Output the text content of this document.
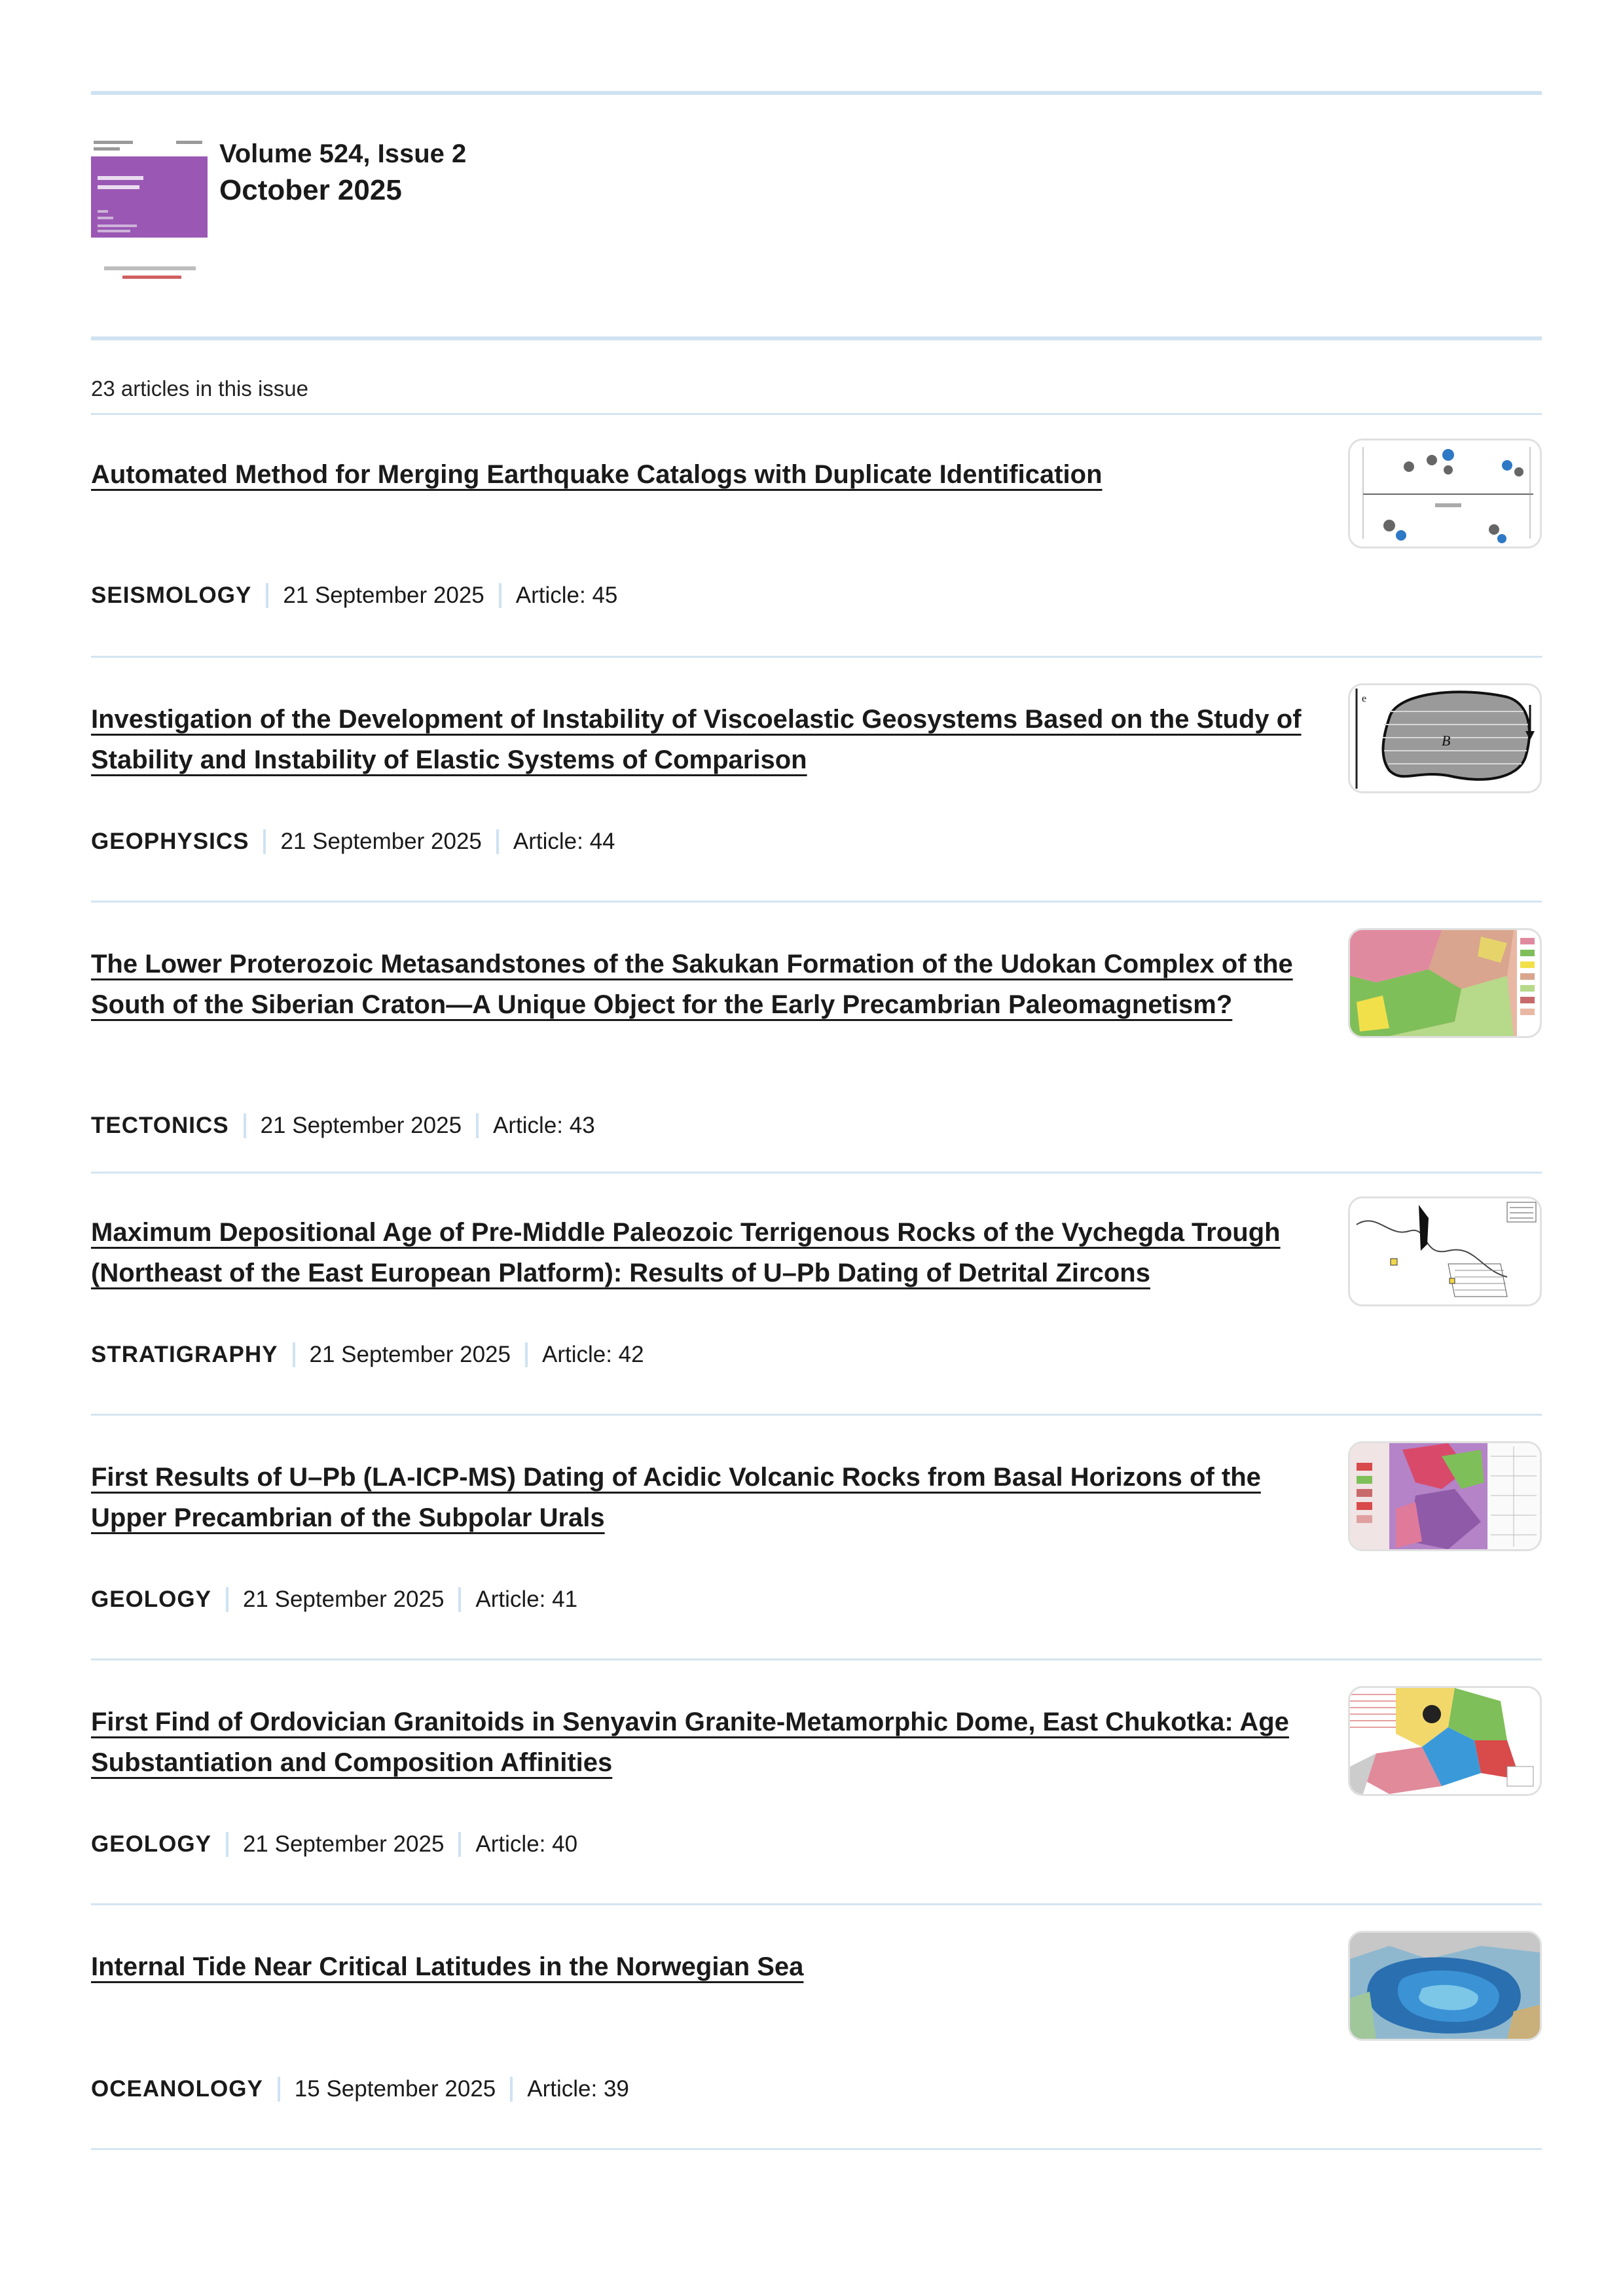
Volume 524, Issue 2
October 2025
23 articles in this issue
Automated Method for Merging Earthquake Catalogs with Duplicate Identification
SEISMOLOGY 21 September 2025 Article: 45
Investigation of the Development of Instability of Viscoelastic Geosystems Based on the Study of Stability and Instability of Elastic Systems of Comparison
B
e
GEOPHYSICS 21 September 2025 Article: 44
The Lower Proterozoic Metasandstones of the Sakukan Formation of the Udokan Complex of the South of the Siberian Craton—A Unique Object for the Early Precambrian Paleomagnetism?
TECTONICS 21 September 2025 Article: 43
Maximum Depositional Age of Pre-Middle Paleozoic Terrigenous Rocks of the Vychegda Trough (Northeast of the East European Platform): Results of U–Pb Dating of Detrital Zircons
STRATIGRAPHY 21 September 2025 Article: 42
First Results of U–Pb (LA-ICP-MS) Dating of Acidic Volcanic Rocks from Basal Horizons of the Upper Precambrian of the Subpolar Urals
GEOLOGY 21 September 2025 Article: 41
First Find of Ordovician Granitoids in Senyavin Granite-Metamorphic Dome, East Chukotka: Age Substantiation and Composition Affinities
GEOLOGY 21 September 2025 Article: 40
Internal Tide Near Critical Latitudes in the Norwegian Sea
OCEANOLOGY 15 September 2025 Article: 39
